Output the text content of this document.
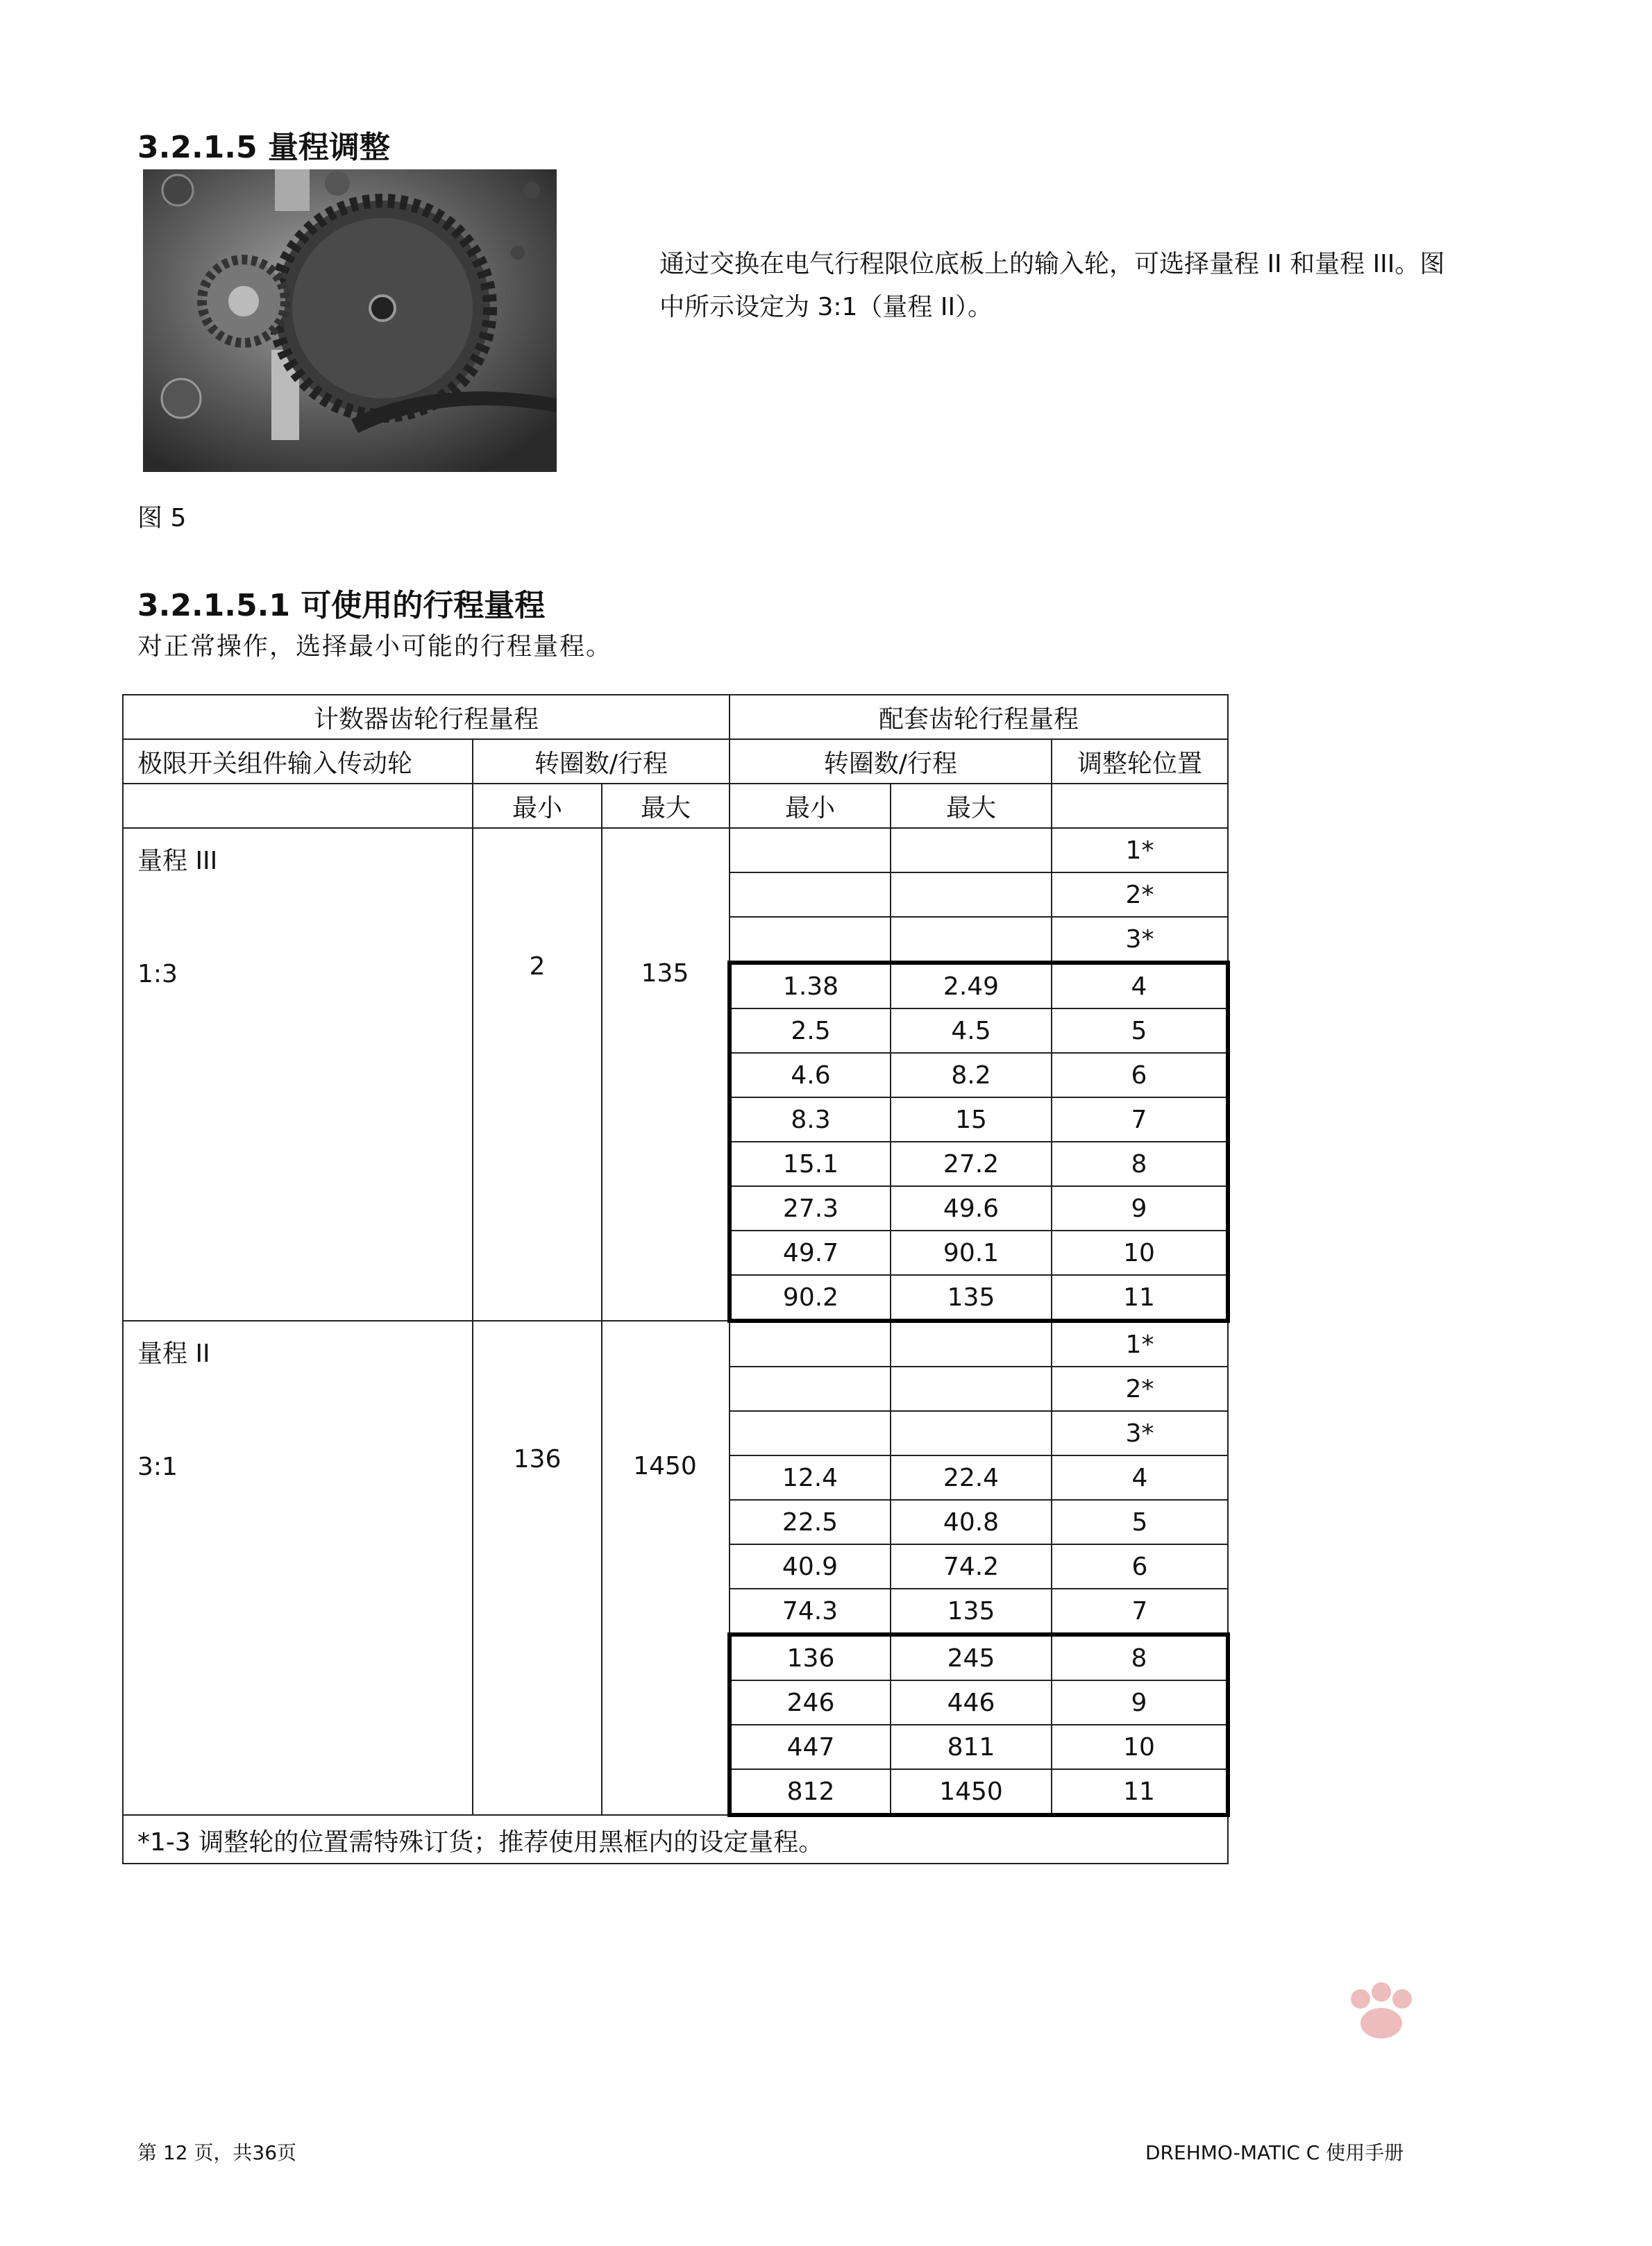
3.2.1.5 量程调整
通过交换在电气行程限位底板上的输入轮，可选择量程 II 和量程 III。图中所示设定为 3:1（量程 II）。
图 5
3.2.1.5.1 可使用的行程量程
对正常操作，选择最小可能的行程量程。
计数器齿轮行程量程			配套齿轮行程量程		
极限开关组件输入传动轮	转圈数/行程		转圈数/行程		调整轮位置
	最小	最大	最小	最大	

量程 III
1:3	2	135			1*
					2*
					3*
			1.38	2.49	4
			2.5	4.5	5
			4.6	8.2	6
			8.3	15	7
			15.1	27.2	8
			27.3	49.6	9
			49.7	90.1	10
			90.2	135	11

量程 II
3:1	136	1450			1*
					2*
					3*
			12.4	22.4	4
			22.5	40.8	5
			40.9	74.2	6
			74.3	135	7
			136	245	8
			246	446	9
			447	811	10
			812	1450	11
*1-3 调整轮的位置需特殊订货；推荐使用黑框内的设定量程。					
第 12 页，共36页	DREHMO-MATIC C 使用手册
